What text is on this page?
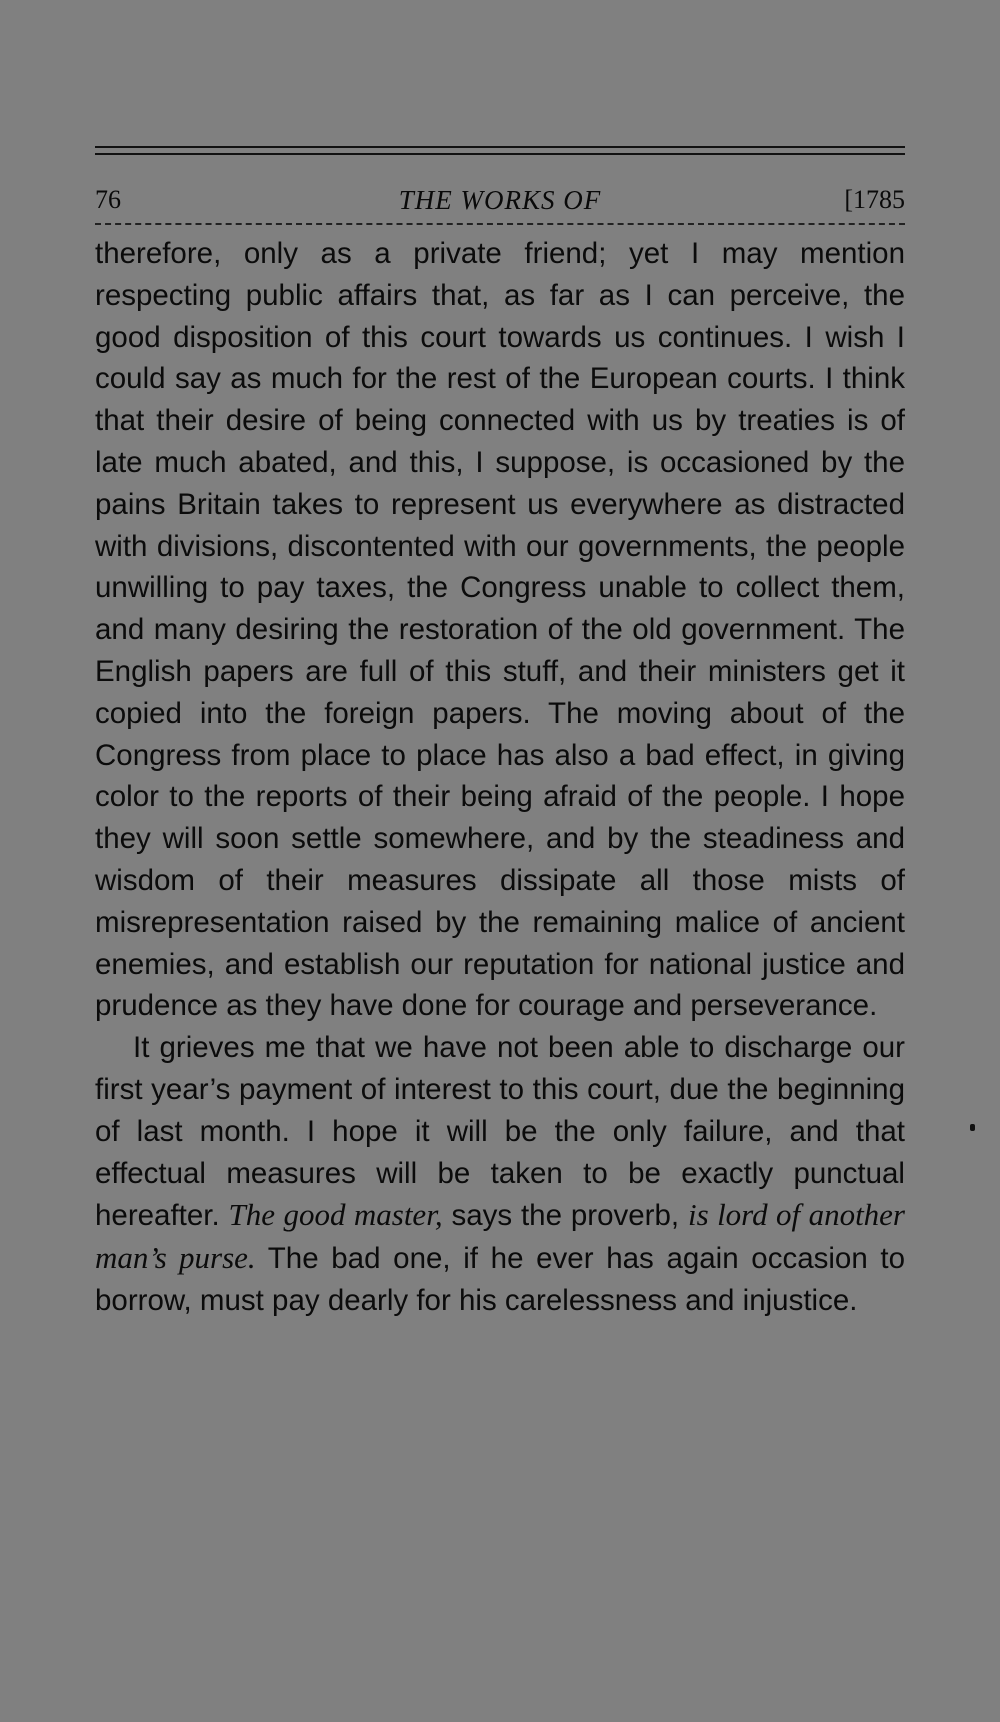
76	THE WORKS OF	[1785

therefore, only as a private friend; yet I may mention respecting public affairs that, as far as I can perceive, the good disposition of this court towards us continues. I wish I could say as much for the rest of the European courts. I think that their desire of being connected with us by treaties is of late much abated, and this, I suppose, is occasioned by the pains Britain takes to represent us everywhere as distracted with divisions, discontented with our governments, the people unwilling to pay taxes, the Congress unable to collect them, and many desiring the restoration of the old government. The English papers are full of this stuff, and their ministers get it copied into the foreign papers. The moving about of the Congress from place to place has also a bad effect, in giving color to the reports of their being afraid of the people. I hope they will soon settle somewhere, and by the steadiness and wisdom of their measures dissipate all those mists of misrepresentation raised by the remaining malice of ancient enemies, and establish our reputation for national justice and prudence as they have done for courage and perseverance.

It grieves me that we have not been able to discharge our first year’s payment of interest to this court, due the beginning of last month. I hope it will be the only failure, and that effectual measures will be taken to be exactly punctual hereafter. The good master, says the proverb, is lord of another man’s purse. The bad one, if he ever has again occasion to borrow, must pay dearly for his carelessness and injustice.
